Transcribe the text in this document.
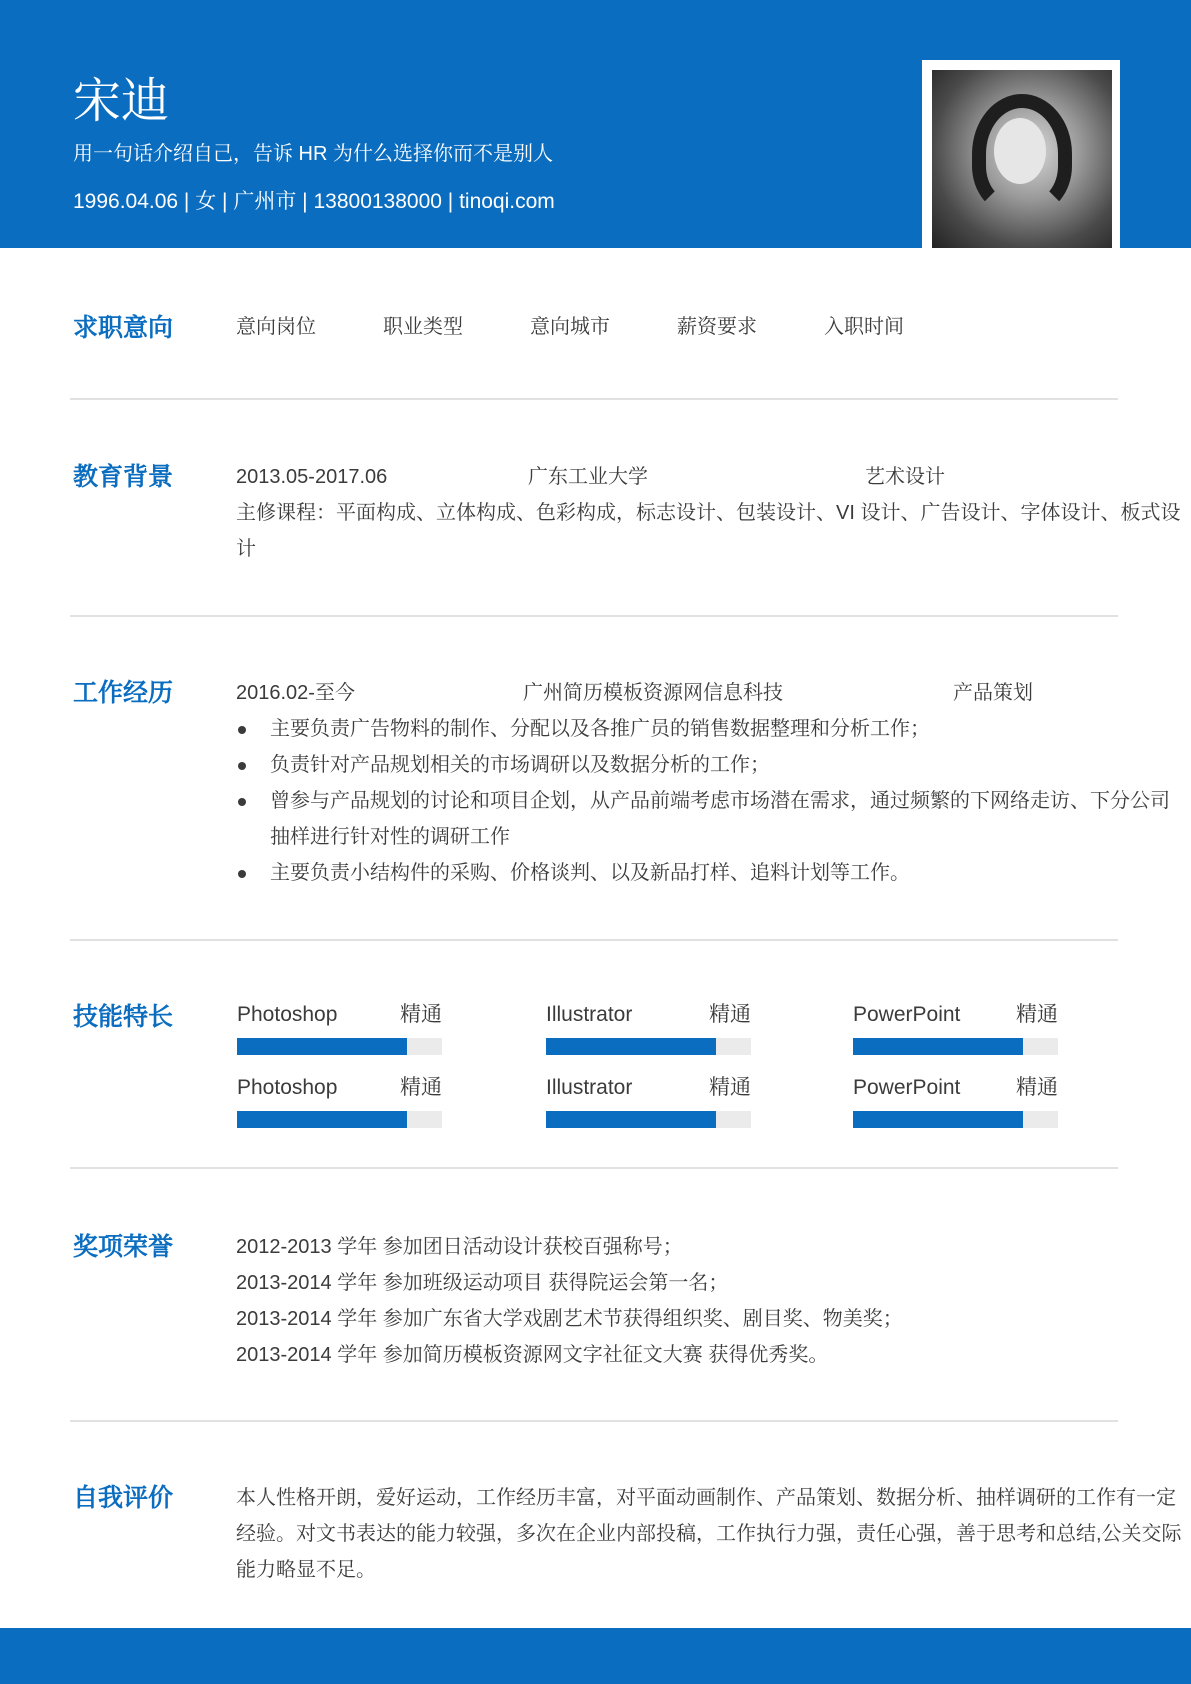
宋迪
用一句话介绍自己，告诉 HR 为什么选择你而不是别人
1996.04.06 | 女 | 广州市 | 13800138000 | tinoqi.com
求职意向	意向岗位	职业类型	意向城市	薪资要求	入职时间
教育背景	2013.05-2017.06	广东工业大学	艺术设计
主修课程：平面构成、立体构成、色彩构成，标志设计、包装设计、VI 设计、广告设计、字体设计、板式设计
工作经历	2016.02-至今	广州简历模板资源网信息科技	产品策划
主要负责广告物料的制作、分配以及各推广员的销售数据整理和分析工作；
负责针对产品规划相关的市场调研以及数据分析的工作；
曾参与产品规划的讨论和项目企划，从产品前端考虑市场潜在需求，通过频繁的下网络走访、下分公司抽样进行针对性的调研工作
主要负责小结构件的采购、价格谈判、以及新品打样、追料计划等工作。
技能特长	Photoshop	精通	Illustrator	精通	PowerPoint	精通
Photoshop	精通	Illustrator	精通	PowerPoint	精通
奖项荣誉	2012-2013 学年 参加团日活动设计获校百强称号；
2013-2014 学年 参加班级运动项目 获得院运会第一名；
2013-2014 学年 参加广东省大学戏剧艺术节获得组织奖、剧目奖、物美奖；
2013-2014 学年 参加简历模板资源网文字社征文大赛 获得优秀奖。
自我评价	本人性格开朗，爱好运动，工作经历丰富，对平面动画制作、产品策划、数据分析、抽样调研的工作有一定经验。对文书表达的能力较强，多次在企业内部投稿，工作执行力强，责任心强，善于思考和总结,公关交际能力略显不足。
